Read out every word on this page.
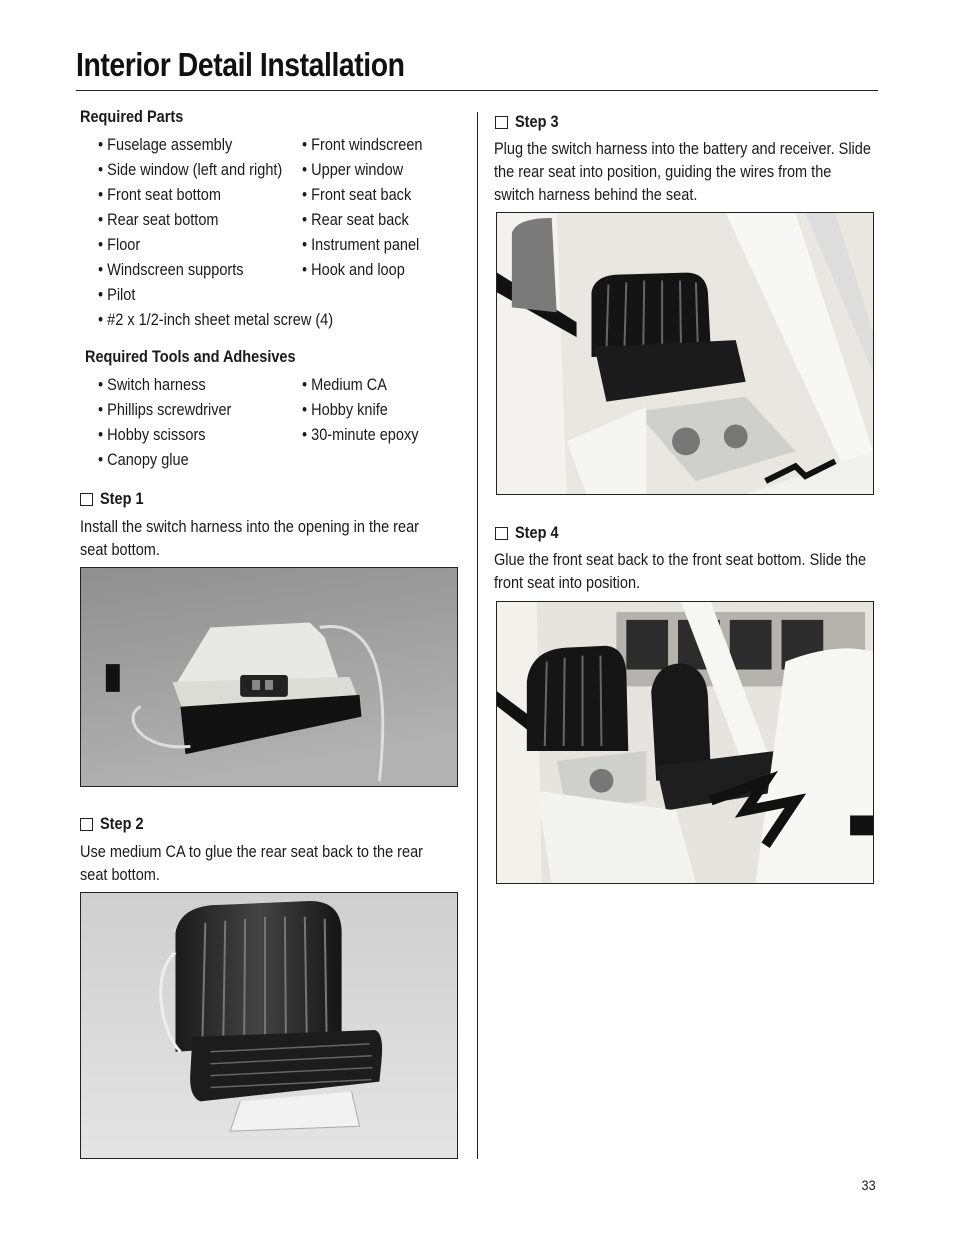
Interior Detail Installation
Required Parts
• Fuselage assembly
• Side window (left and right)
• Front seat bottom
• Rear seat bottom
• Floor
• Windscreen supports
• Pilot
• #2 x 1/2-inch sheet metal screw (4)
• Front windscreen
• Upper window
• Front seat back
• Rear seat back
• Instrument panel
• Hook and loop
Required Tools and Adhesives
• Switch harness
• Phillips screwdriver
• Hobby scissors
• Canopy glue
• Medium CA
• Hobby knife
• 30-minute epoxy
Step 1
Install the switch harness into the opening in the rear
seat bottom.
Step 2
Use medium CA to glue the rear seat back to the rear
seat bottom.
Step 3
Plug the switch harness into the battery and receiver. Slide
the rear seat into position, guiding the wires from the
switch harness behind the seat.
Step 4
Glue the front seat back to the front seat bottom. Slide the
front seat into position.
33
